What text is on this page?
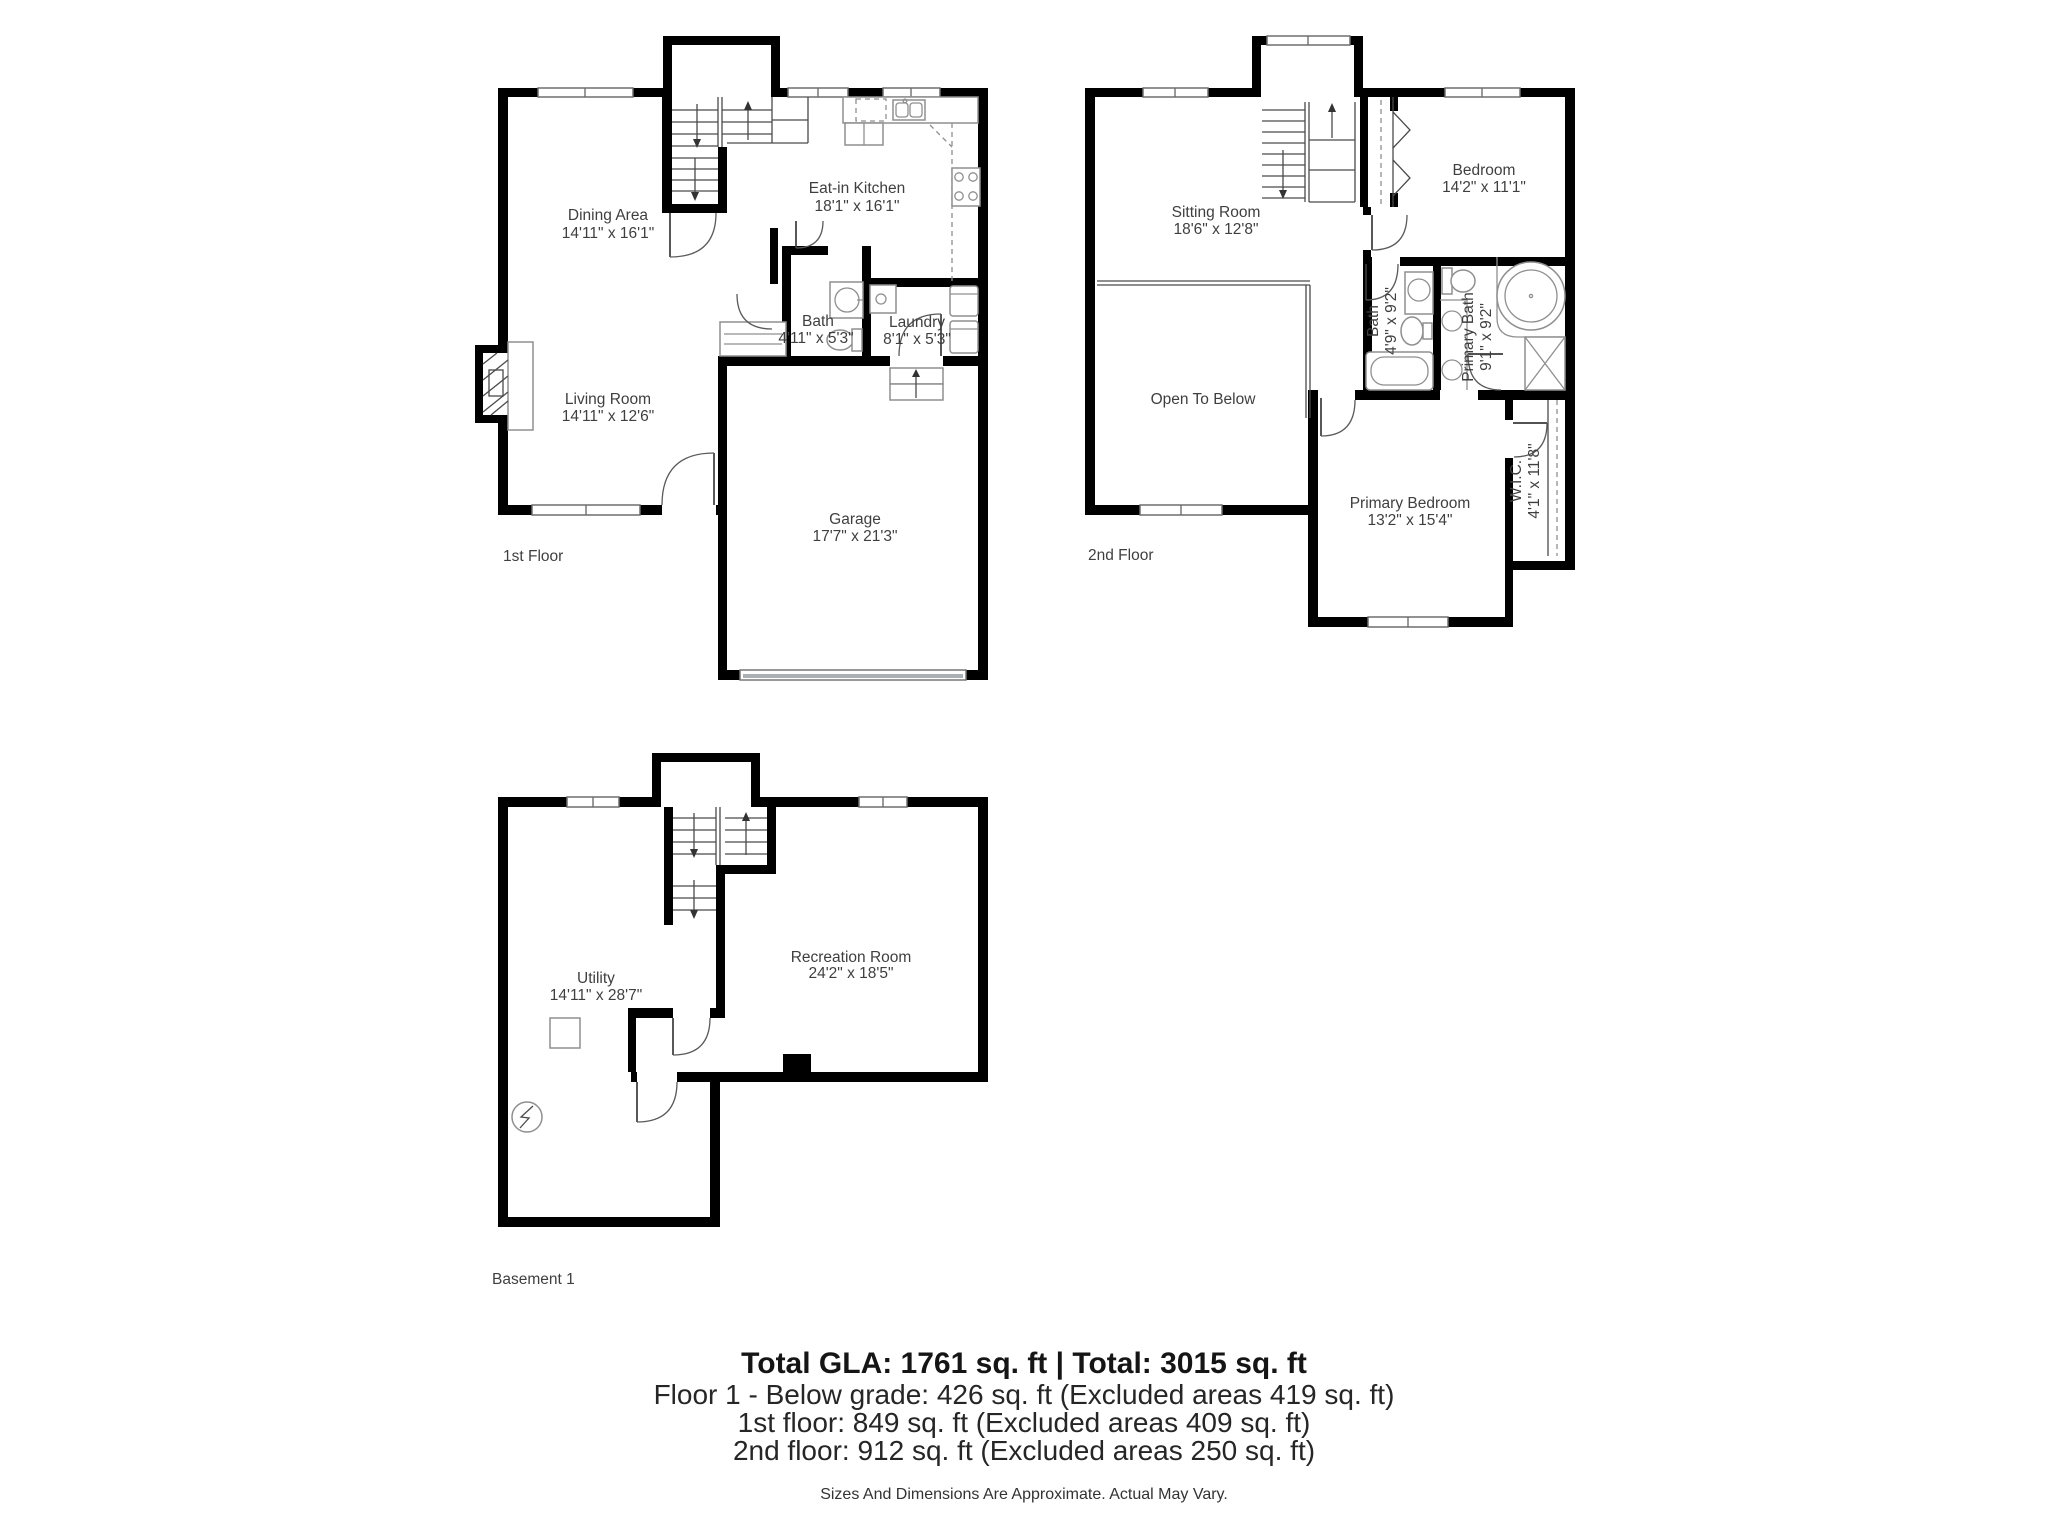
Dining Area
14'11" x 16'1"
Eat-in Kitchen
18'1" x 16'1"
Bath
4'11" x 5'3"
Laundry
8'1" x 5'3"
Living Room
14'11" x 12'6"
Garage
17'7" x 21'3"
1st Floor
Sitting Room
18'6" x 12'8"
Bedroom
14'2" x 11'1"
Open To Below
Bath 4'9" x 9'2"	Primary Bath 9'1" x 9'2"
Primary Bedroom
13'2" x 15'4"
W.I.C. 4'1" x 11'8"
2nd Floor
Utility
14'11" x 28'7"
Recreation Room
24'2" x 18'5"
Basement 1
Total GLA: 1761 sq. ft | Total: 3015 sq. ft
Floor 1 - Below grade: 426 sq. ft (Excluded areas 419 sq. ft)
1st floor: 849 sq. ft (Excluded areas 409 sq. ft)
2nd floor: 912 sq. ft (Excluded areas 250 sq. ft)
Sizes And Dimensions Are Approximate. Actual May Vary.
